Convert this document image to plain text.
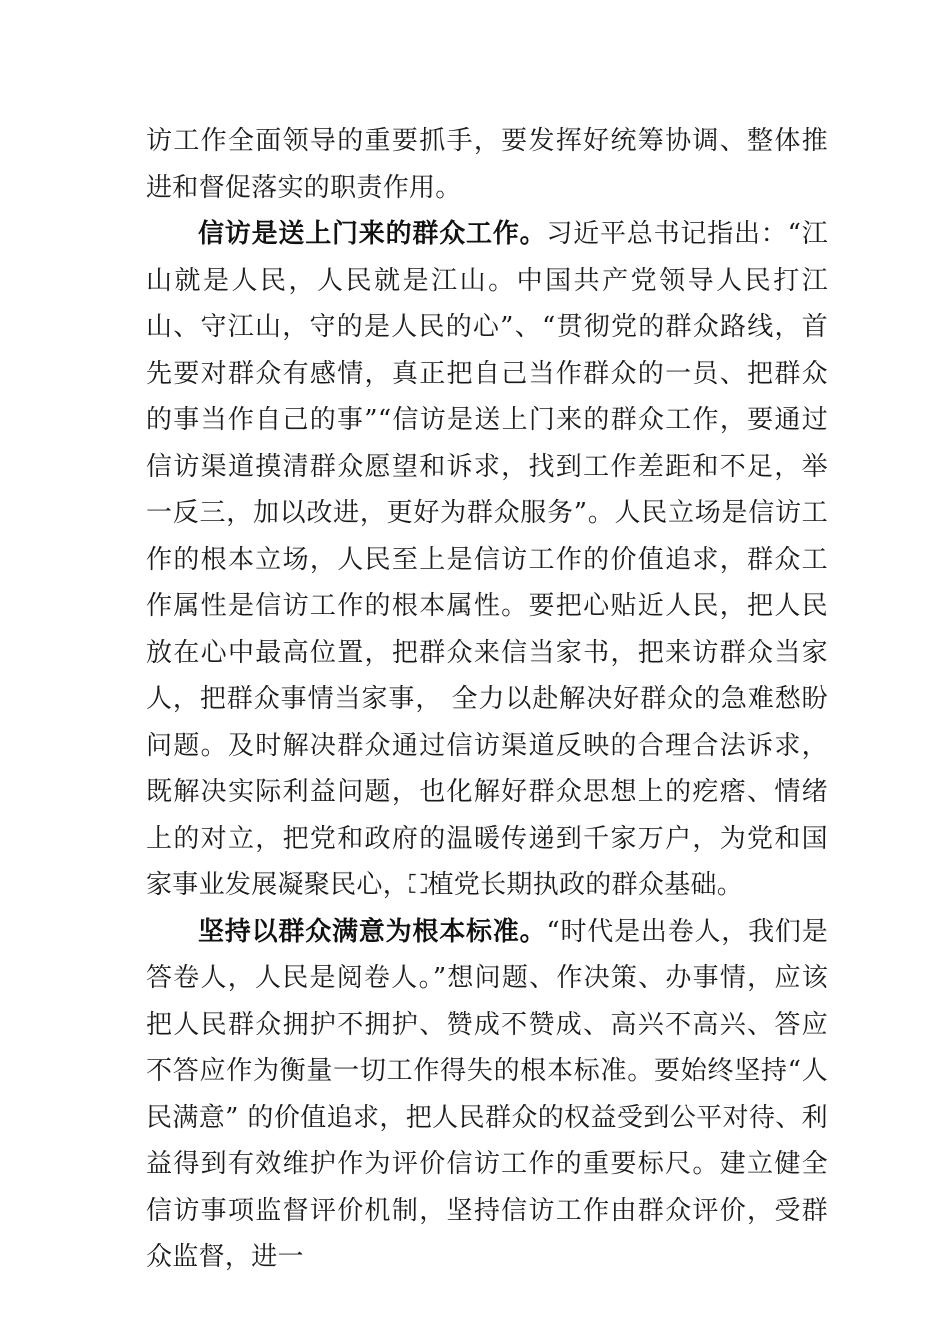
访工作全面领导的重要抓手，要发挥好统筹协调、整体推进和督促落实的职责作用。

信访是送上门来的群众工作。习近平总书记指出：“江山就是人民，人民就是江山。中国共产党领导人民打江山、守江山，守的是人民的心”、“贯彻党的群众路线，首先要对群众有感情，真正把自己当作群众的一员、把群众的事当作自己的事”“信访是送上门来的群众工作，要通过信访渠道摸清群众愿望和诉求，找到工作差距和不足，举一反三，加以改进，更好为群众服务”。人民立场是信访工作的根本立场，人民至上是信访工作的价值追求，群众工作属性是信访工作的根本属性。要把心贴近人民，把人民放在心中最高位置，把群众来信当家书，把来访群众当家人，把群众事情当家事， 全力以赴解决好群众的急难愁盼问题。及时解决群众通过信访渠道反映的合理合法诉求，既解决实际利益问题，也化解好群众思想上的疙瘩、情绪上的对立，把党和政府的温暖传递到千家万户，为党和国家事业发展凝聚民心，⛶植党长期执政的群众基础。

坚持以群众满意为根本标准。“时代是出卷人，我们是答卷人，人民是阅卷人。”想问题、作决策、办事情，应该把人民群众拥护不拥护、赞成不赞成、高兴不高兴、答应不答应作为衡量一切工作得失的根本标准。要始终坚持“人民满意” 的价值追求，把人民群众的权益受到公平对待、利益得到有效维护作为评价信访工作的重要标尺。建立健全信访事项监督评价机制，坚持信访工作由群众评价，受群众监督，进一
